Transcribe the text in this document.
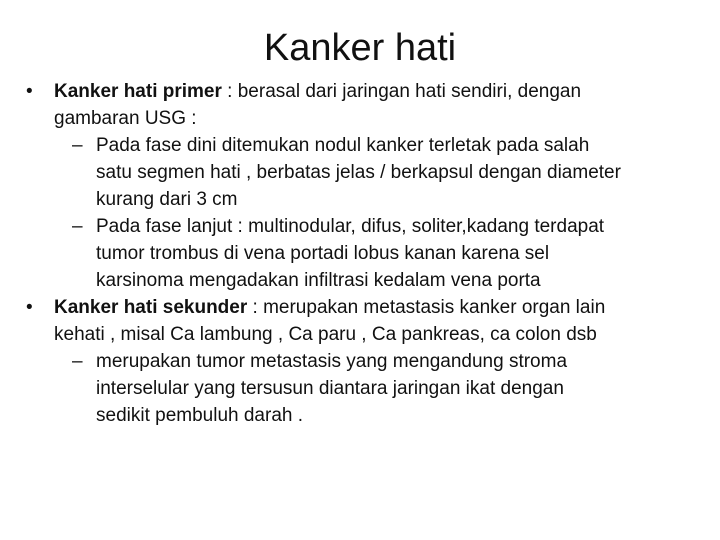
Kanker hati
• Kanker hati primer : berasal dari jaringan hati sendiri, dengan
gambaran USG :
– Pada fase dini ditemukan nodul kanker terletak pada salah
satu segmen hati , berbatas jelas / berkapsul dengan diameter
kurang dari 3 cm
– Pada fase lanjut : multinodular, difus, soliter,kadang terdapat
tumor trombus di vena portadi lobus kanan karena sel
karsinoma mengadakan infiltrasi kedalam vena porta
• Kanker hati sekunder : merupakan metastasis kanker organ lain
kehati , misal Ca lambung , Ca paru , Ca pankreas, ca colon dsb
– merupakan tumor metastasis yang mengandung stroma
interselular yang tersusun diantara jaringan ikat dengan
sedikit pembuluh darah .
